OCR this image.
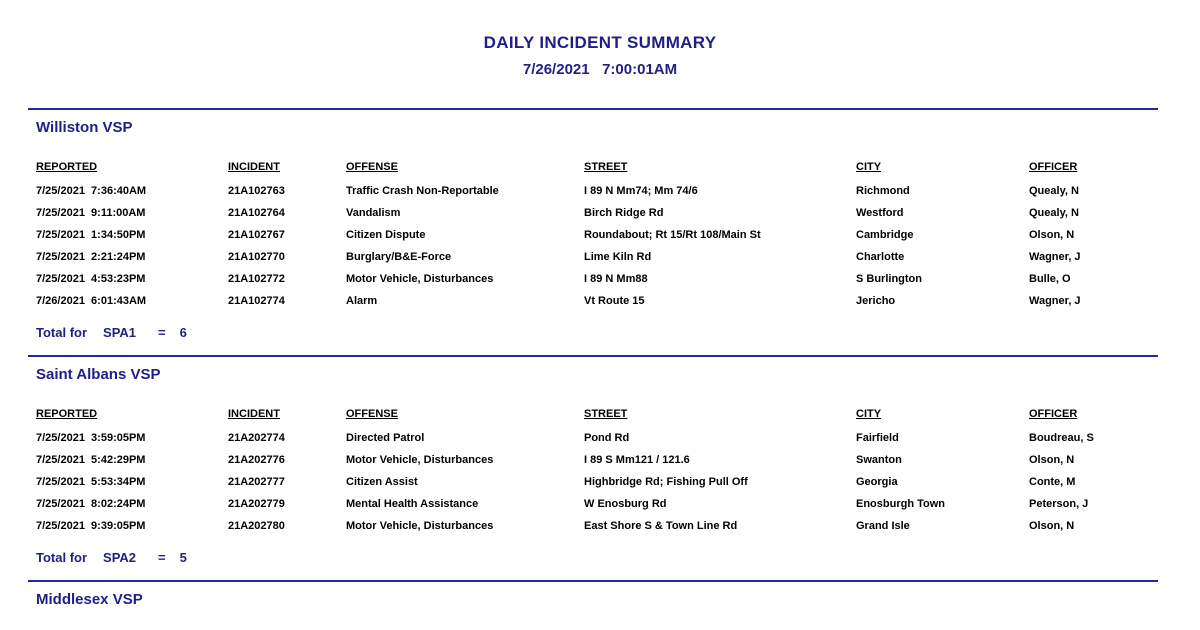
DAILY INCIDENT SUMMARY
7/26/2021   7:00:01AM
Williston VSP
REPORTED	INCIDENT	OFFENSE	STREET	CITY	OFFICER
7/25/2021  7:36:40AM	21A102763	Traffic Crash Non-Reportable	I 89 N Mm74; Mm 74/6	Richmond	Quealy, N
7/25/2021  9:11:00AM	21A102764	Vandalism	Birch Ridge Rd	Westford	Quealy, N
7/25/2021  1:34:50PM	21A102767	Citizen Dispute	Roundabout; Rt 15/Rt 108/Main St	Cambridge	Olson, N
7/25/2021  2:21:24PM	21A102770	Burglary/B&E-Force	Lime Kiln Rd	Charlotte	Wagner, J
7/25/2021  4:53:23PM	21A102772	Motor Vehicle, Disturbances	I 89 N Mm88	S Burlington	Bulle, O
7/26/2021  6:01:43AM	21A102774	Alarm	Vt Route 15	Jericho	Wagner, J
Total for SPA1 = 6
Saint Albans VSP
REPORTED	INCIDENT	OFFENSE	STREET	CITY	OFFICER
7/25/2021  3:59:05PM	21A202774	Directed Patrol	Pond Rd	Fairfield	Boudreau, S
7/25/2021  5:42:29PM	21A202776	Motor Vehicle, Disturbances	I 89 S Mm121 / 121.6	Swanton	Olson, N
7/25/2021  5:53:34PM	21A202777	Citizen Assist	Highbridge Rd; Fishing Pull Off	Georgia	Conte, M
7/25/2021  8:02:24PM	21A202779	Mental Health Assistance	W Enosburg Rd	Enosburgh Town	Peterson, J
7/25/2021  9:39:05PM	21A202780	Motor Vehicle, Disturbances	East Shore S & Town Line Rd	Grand Isle	Olson, N
Total for SPA2 = 5
Middlesex VSP
